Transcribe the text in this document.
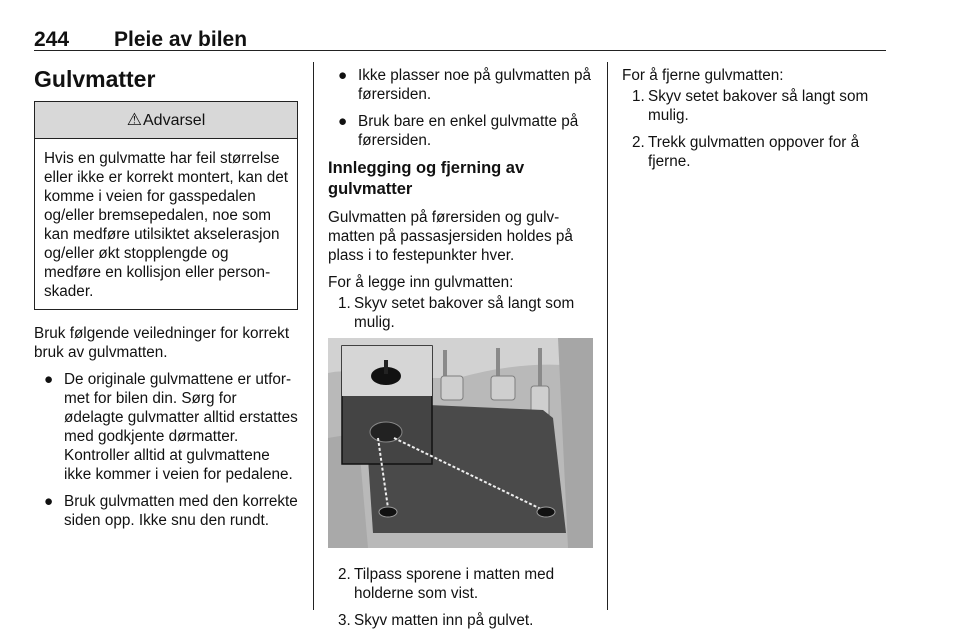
244 Pleie av bilen
Gulvmatter
⚠Advarsel
Hvis en gulvmatte har feil størrelse eller ikke er korrekt montert, kan det komme i veien for gasspedalen og/eller bremsepedalen, noe som kan medføre utilsiktet akselerasjon og/eller økt stopplengde og medføre en kollisjon eller personskader.

Bruk følgende veiledninger for korrekt bruk av gulvmatten.

● De originale gulvmattene er utformet for bilen din. Sørg for ødelagte gulvmatter alltid erstattes med godkjente dørmatter. Kontroller alltid at gulvmattene ikke kommer i veien for pedalene.
● Bruk gulvmatten med den korrekte siden opp. Ikke snu den rundt.
● Ikke plasser noe på gulvmatten på førersiden.
● Bruk bare en enkel gulvmatte på førersiden.
Innlegging og fjerning av gulvmatter

Gulvmatten på førersiden og gulvmatten på passasjersiden holdes på plass i to festepunkter hver.

For å legge inn gulvmatten:

1. Skyv setet bakover så langt som mulig.
2. Tilpass sporene i matten med holderne som vist.
3. Skyv matten inn på gulvet.

For å fjerne gulvmatten:

1. Skyv setet bakover så langt som mulig.
2. Trekk gulvmatten oppover for å fjerne.
